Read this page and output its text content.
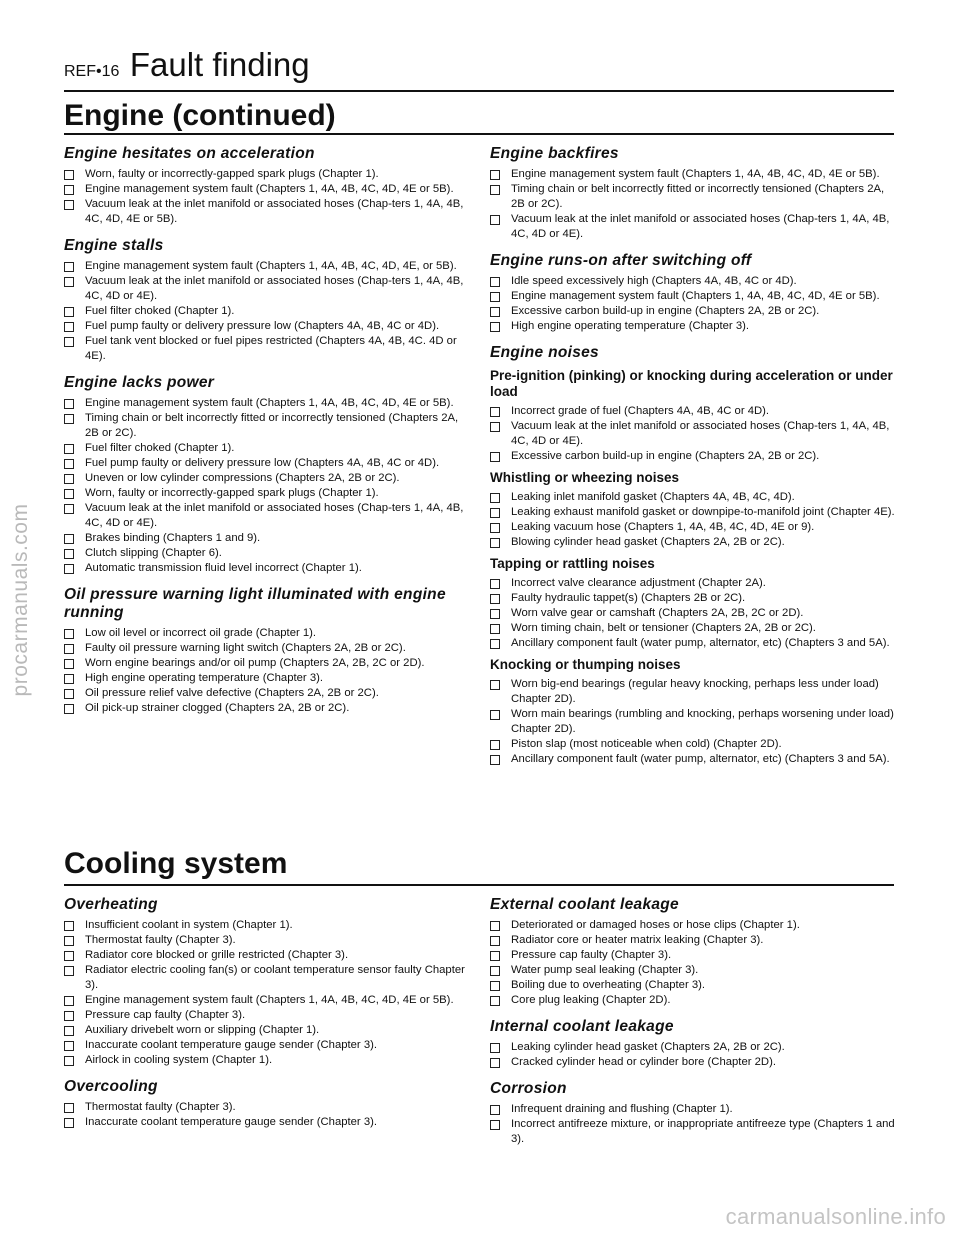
procarmanuals.com
REF•16 Fault finding
Engine (continued)
Engine hesitates on acceleration
Worn, faulty or incorrectly-gapped spark plugs (Chapter 1).
Engine management system fault (Chapters 1, 4A, 4B, 4C, 4D, 4E or 5B).
Vacuum leak at the inlet manifold or associated hoses (Chap-ters 1, 4A, 4B, 4C, 4D, 4E or 5B).
Engine stalls
Engine management system fault (Chapters 1, 4A, 4B, 4C, 4D, 4E, or 5B).
Vacuum leak at the inlet manifold or associated hoses (Chap-ters 1, 4A, 4B, 4C, 4D or 4E).
Fuel filter choked (Chapter 1).
Fuel pump faulty or delivery pressure low (Chapters 4A, 4B, 4C or 4D).
Fuel tank vent blocked or fuel pipes restricted (Chapters 4A, 4B, 4C. 4D or 4E).
Engine lacks power
Engine management system fault (Chapters 1, 4A, 4B, 4C, 4D, 4E or 5B).
Timing chain or belt incorrectly fitted or incorrectly tensioned (Chapters 2A, 2B or 2C).
Fuel filter choked (Chapter 1).
Fuel pump faulty or delivery pressure low (Chapters 4A, 4B, 4C or 4D).
Uneven or low cylinder compressions (Chapters 2A, 2B or 2C).
Worn, faulty or incorrectly-gapped spark plugs (Chapter 1).
Vacuum leak at the inlet manifold or associated hoses (Chap-ters 1, 4A, 4B, 4C, 4D or 4E).
Brakes binding (Chapters 1 and 9).
Clutch slipping (Chapter 6).
Automatic transmission fluid level incorrect (Chapter 1).
Oil pressure warning light illuminated with engine running
Low oil level or incorrect oil grade (Chapter 1).
Faulty oil pressure warning light switch (Chapters 2A, 2B or 2C).
Worn engine bearings and/or oil pump (Chapters 2A, 2B, 2C or 2D).
High engine operating temperature (Chapter 3).
Oil pressure relief valve defective (Chapters 2A, 2B or 2C).
Oil pick-up strainer clogged (Chapters 2A, 2B or 2C).
Engine backfires
Engine management system fault (Chapters 1, 4A, 4B, 4C, 4D, 4E or 5B).
Timing chain or belt incorrectly fitted or incorrectly tensioned (Chapters 2A, 2B or 2C).
Vacuum leak at the inlet manifold or associated hoses (Chap-ters 1, 4A, 4B, 4C, 4D or 4E).
Engine runs-on after switching off
Idle speed excessively high (Chapters 4A, 4B, 4C or 4D).
Engine management system fault (Chapters 1, 4A, 4B, 4C, 4D, 4E or 5B).
Excessive carbon build-up in engine (Chapters 2A, 2B or 2C).
High engine operating temperature (Chapter 3).
Engine noises
Pre-ignition (pinking) or knocking during acceleration or under load
Incorrect grade of fuel (Chapters 4A, 4B, 4C or 4D).
Vacuum leak at the inlet manifold or associated hoses (Chap-ters 1, 4A, 4B, 4C, 4D or 4E).
Excessive carbon build-up in engine (Chapters 2A, 2B or 2C).
Whistling or wheezing noises
Leaking inlet manifold gasket (Chapters 4A, 4B, 4C, 4D).
Leaking exhaust manifold gasket or downpipe-to-manifold joint (Chapter 4E).
Leaking vacuum hose (Chapters 1, 4A, 4B, 4C, 4D, 4E or 9).
Blowing cylinder head gasket (Chapters 2A, 2B or 2C).
Tapping or rattling noises
Incorrect valve clearance adjustment (Chapter 2A).
Faulty hydraulic tappet(s) (Chapters 2B or 2C).
Worn valve gear or camshaft (Chapters 2A, 2B, 2C or 2D).
Worn timing chain, belt or tensioner (Chapters 2A, 2B or 2C).
Ancillary component fault (water pump, alternator, etc) (Chapters 3 and 5A).
Knocking or thumping noises
Worn big-end bearings (regular heavy knocking, perhaps less under load) Chapter 2D).
Worn main bearings (rumbling and knocking, perhaps worsening under load) Chapter 2D).
Piston slap (most noticeable when cold) (Chapter 2D).
Ancillary component fault (water pump, alternator, etc) (Chapters 3 and 5A).
Cooling system
Overheating
Insufficient coolant in system (Chapter 1).
Thermostat faulty (Chapter 3).
Radiator core blocked or grille restricted (Chapter 3).
Radiator electric cooling fan(s) or coolant temperature sensor faulty Chapter 3).
Engine management system fault (Chapters 1, 4A, 4B, 4C, 4D, 4E or 5B).
Pressure cap faulty (Chapter 3).
Auxiliary drivebelt worn or slipping (Chapter 1).
Inaccurate coolant temperature gauge sender (Chapter 3).
Airlock in cooling system (Chapter 1).
Overcooling
Thermostat faulty (Chapter 3).
Inaccurate coolant temperature gauge sender (Chapter 3).
External coolant leakage
Deteriorated or damaged hoses or hose clips (Chapter 1).
Radiator core or heater matrix leaking (Chapter 3).
Pressure cap faulty (Chapter 3).
Water pump seal leaking (Chapter 3).
Boiling due to overheating (Chapter 3).
Core plug leaking (Chapter 2D).
Internal coolant leakage
Leaking cylinder head gasket (Chapters 2A, 2B or 2C).
Cracked cylinder head or cylinder bore (Chapter 2D).
Corrosion
Infrequent draining and flushing (Chapter 1).
Incorrect antifreeze mixture, or inappropriate antifreeze type (Chapters 1 and 3).
carmanualsonline.info
